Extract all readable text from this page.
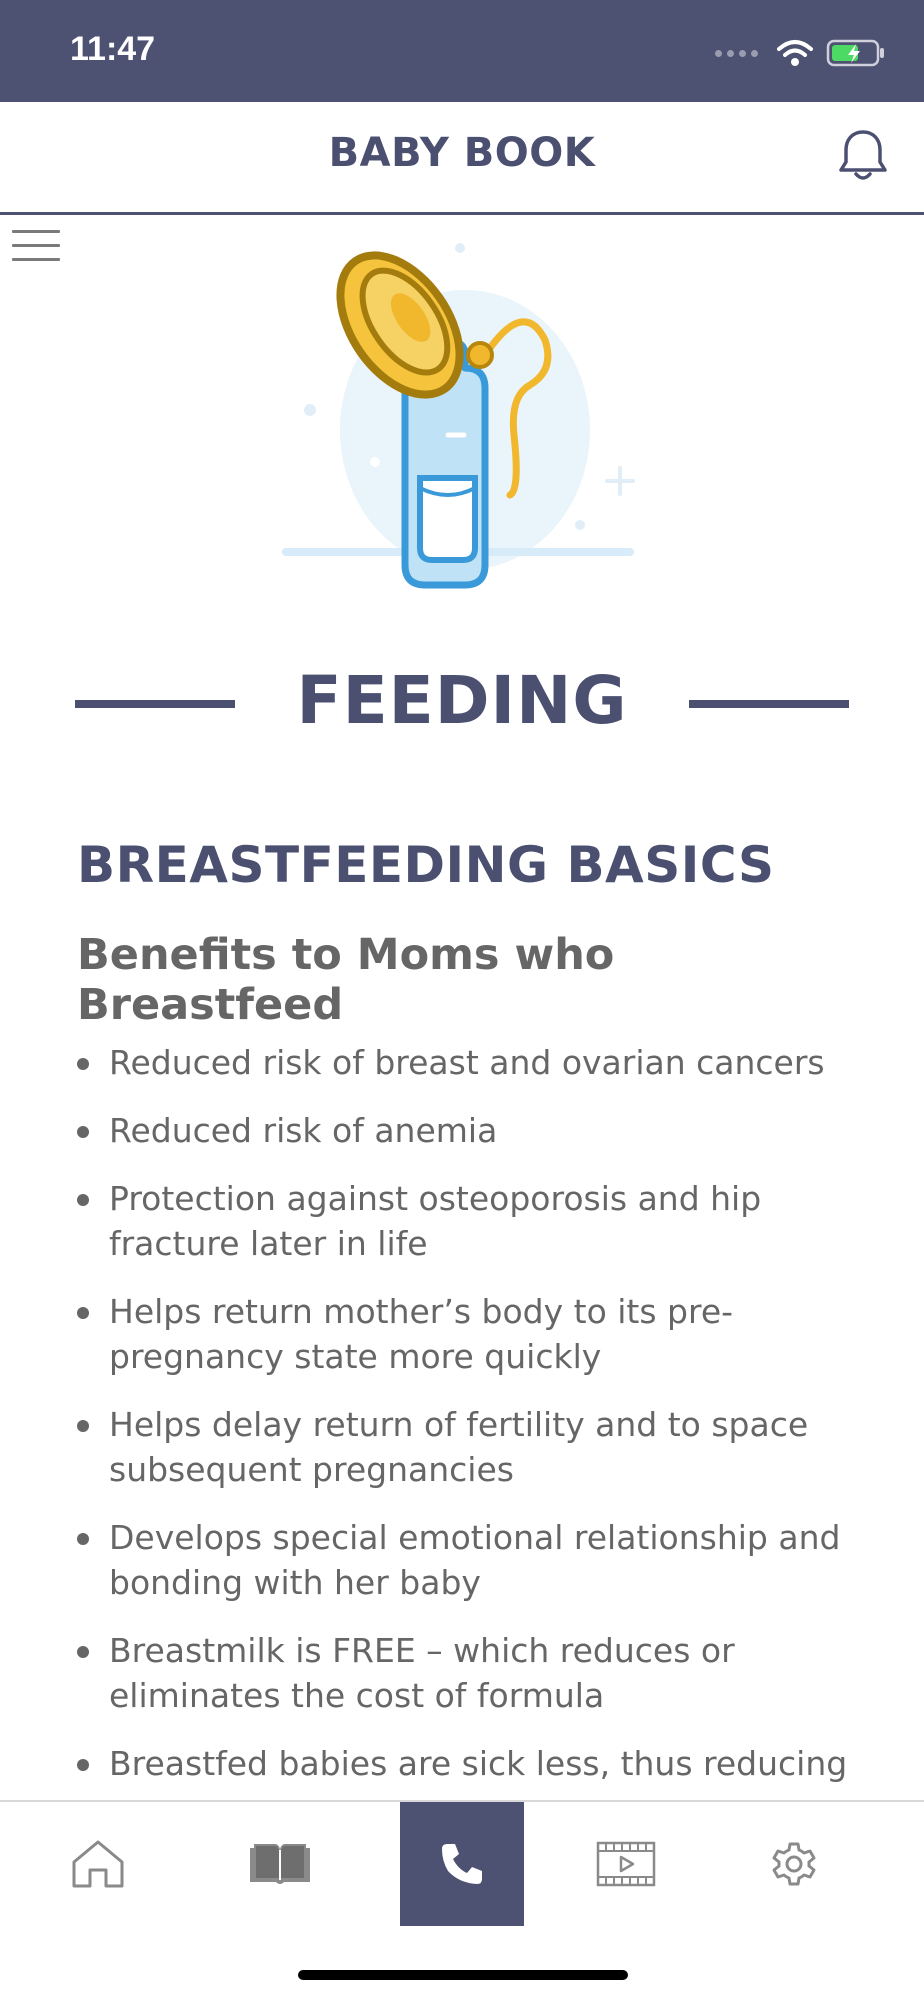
11:47
BABY BOOK
FEEDING
BREASTFEEDING BASICS
Benefits to Moms who Breastfeed
Reduced risk of breast and ovarian cancers
Reduced risk of anemia
Protection against osteoporosis and hip fracture later in life
Helps return mother’s body to its pre-pregnancy state more quickly
Helps delay return of fertility and to space subsequent pregnancies
Develops special emotional relationship and bonding with her baby
Breastmilk is FREE – which reduces or eliminates the cost of formula
Breastfed babies are sick less, thus reducing
